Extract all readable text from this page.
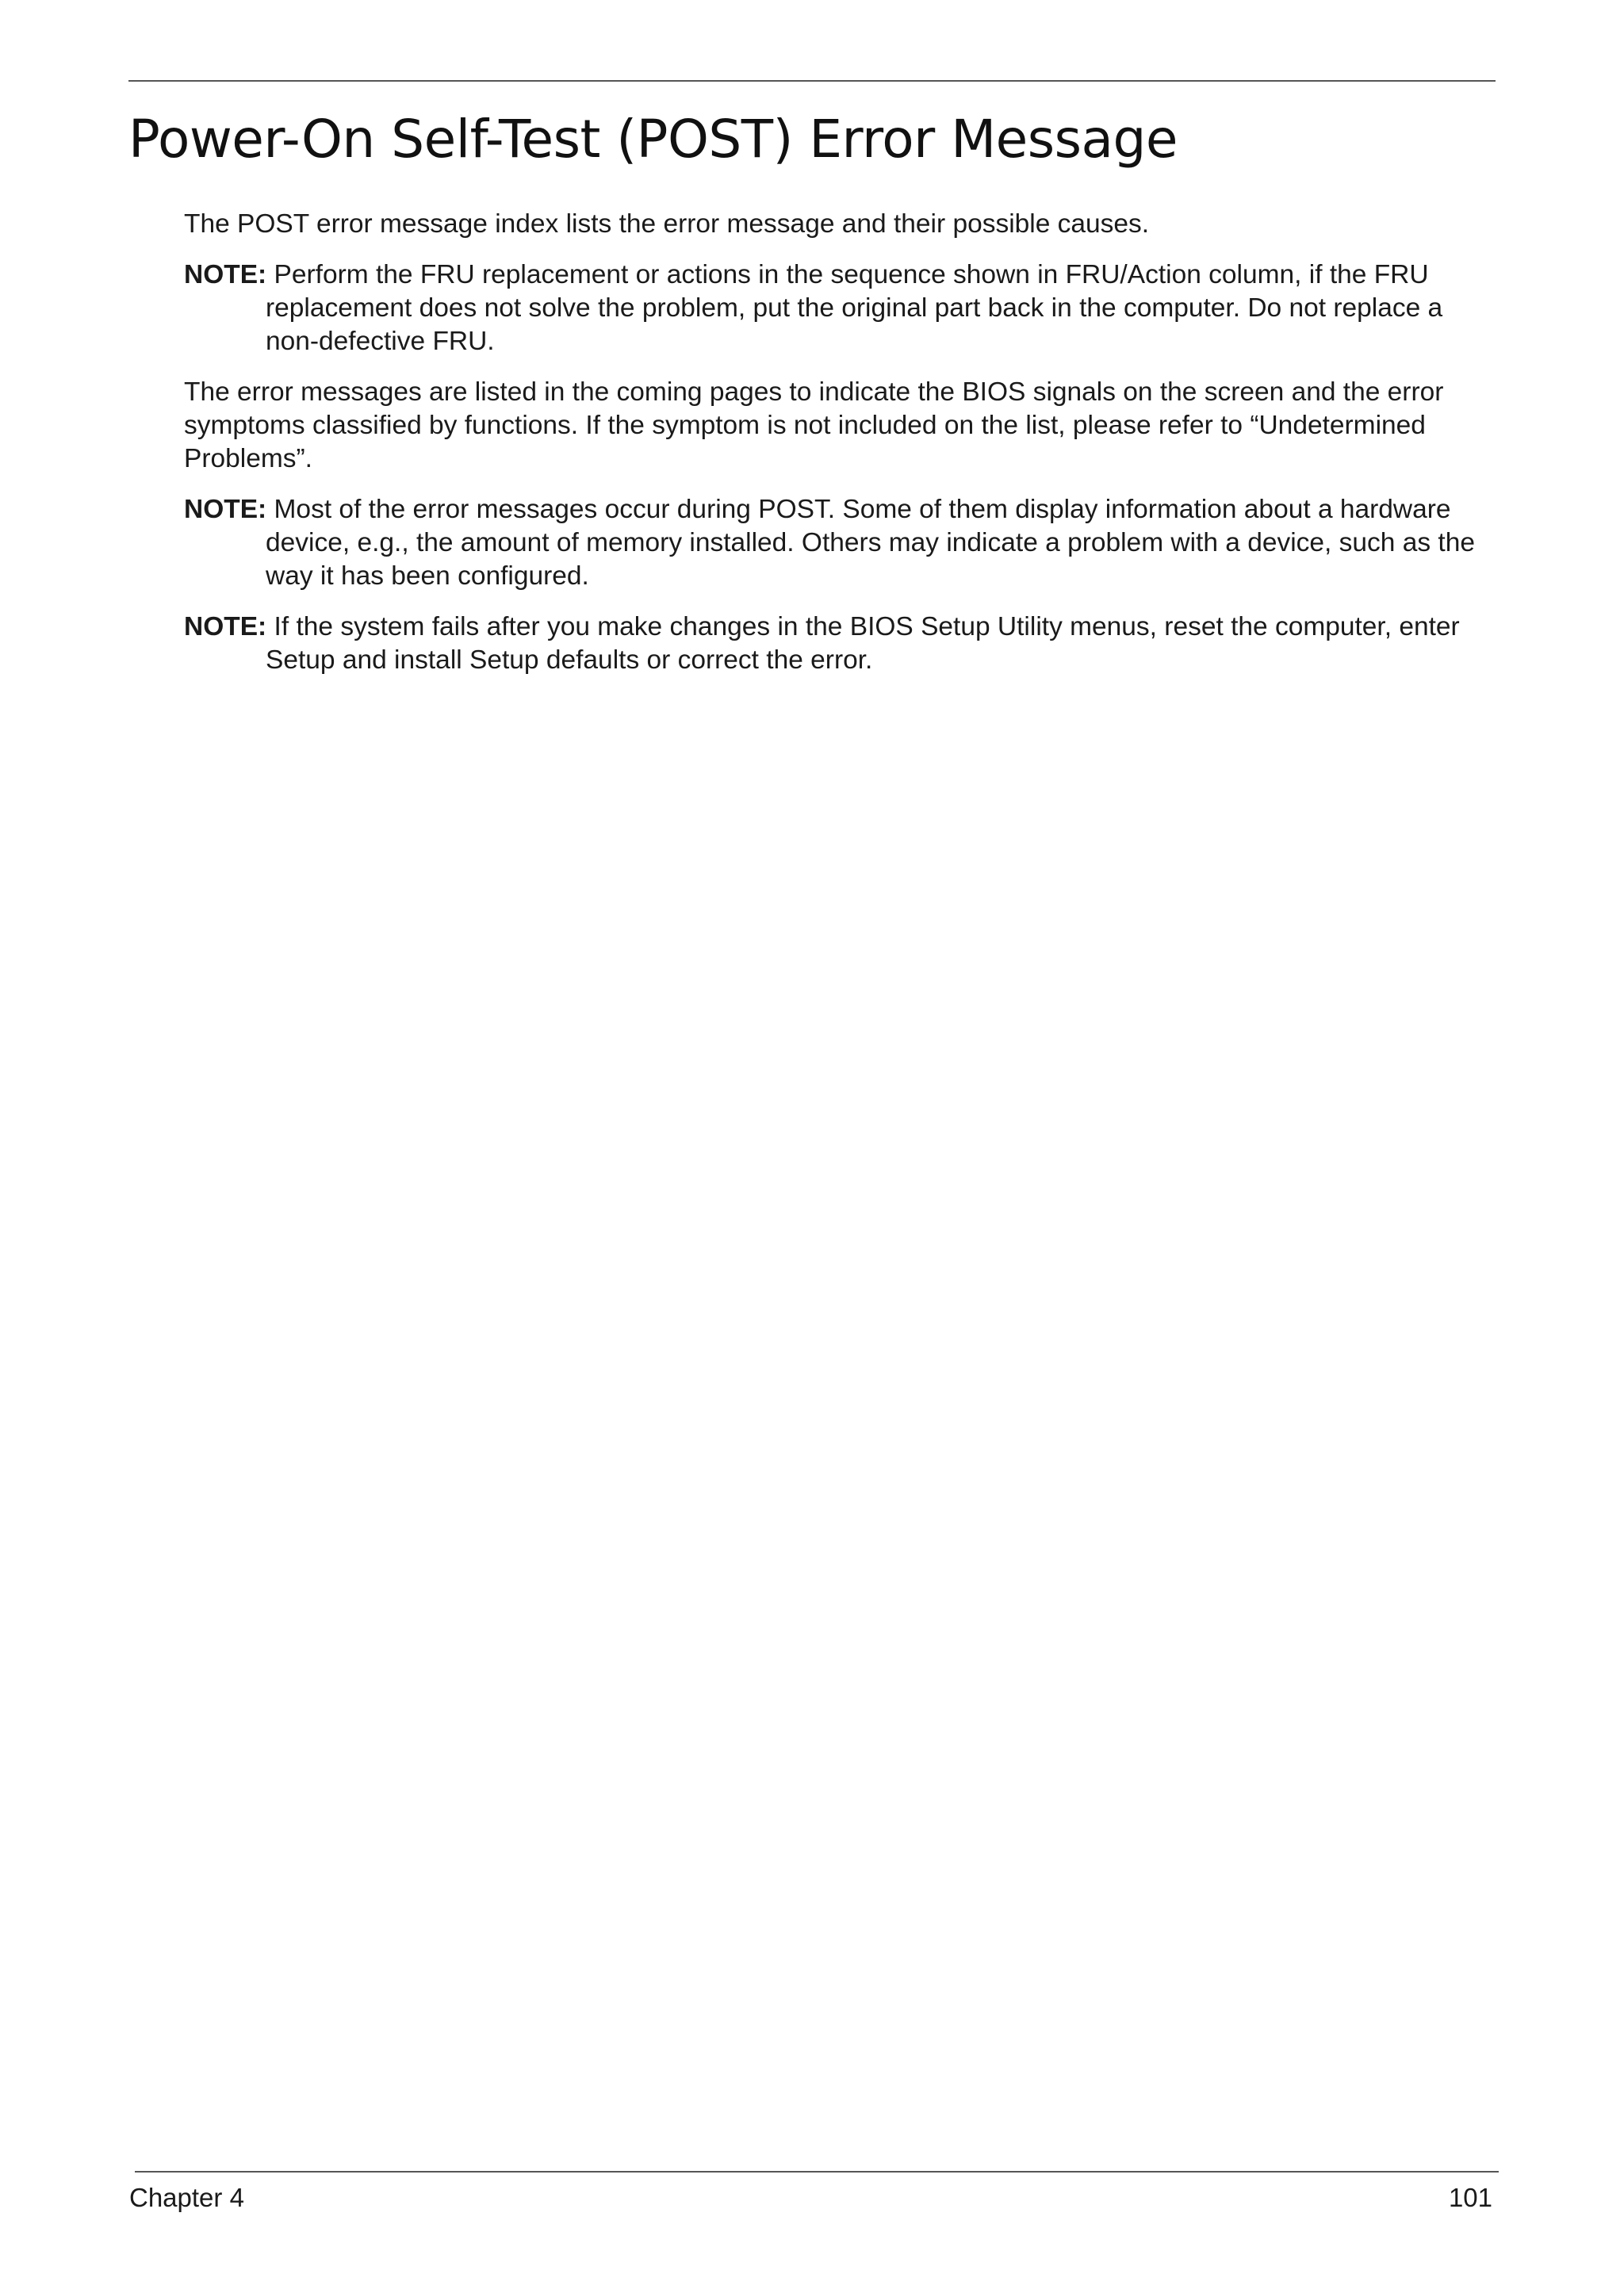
Power-On Self-Test (POST) Error Message

The POST error message index lists the error message and their possible causes.

NOTE: Perform the FRU replacement or actions in the sequence shown in FRU/Action column, if the FRU replacement does not solve the problem, put the original part back in the computer. Do not replace a non-defective FRU.

The error messages are listed in the coming pages to indicate the BIOS signals on the screen and the error symptoms classified by functions. If the symptom is not included on the list, please refer to “Undetermined Problems”.

NOTE: Most of the error messages occur during POST. Some of them display information about a hardware device, e.g., the amount of memory installed. Others may indicate a problem with a device, such as the way it has been configured.

NOTE: If the system fails after you make changes in the BIOS Setup Utility menus, reset the computer, enter Setup and install Setup defaults or correct the error.

Chapter 4	101
